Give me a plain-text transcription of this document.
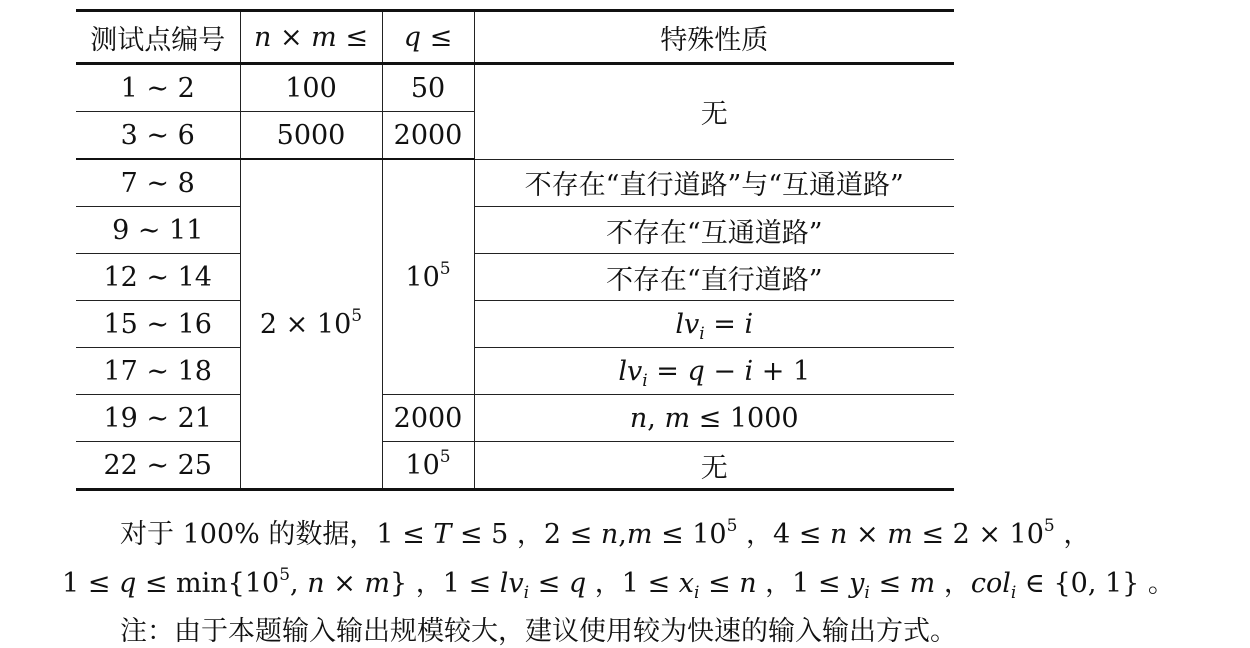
测试点编号	n × m ≤	q ≤	特殊性质
1 ∼ 2	100	50	无
3 ∼ 6	5000	2000	
7 ∼ 8	$2 \times 10^5$	$10^5$	不存在“直行道路”与“互通道路”
9 ∼ 11			不存在“互通道路”
12 ∼ 14			不存在“直行道路”
15 ∼ 16			$lv_i = i$
17 ∼ 18			$lv_i = q - i + 1$
19 ∼ 21		2000	n, m ≤ 1000
22 ∼ 25		$10^5$	无
对于 100% 的数据，1 ≤ T ≤ 5 ，$2 \le n,m \le 10^5$ ，$4 \le n \times m \le 2 \times 10^5$ ，
$1 \le q \le \min\{10^5$, n × m} ，$1 \le lv_i \le q$ ，$1 \le x_i \le n$ ，$1 \le y_i \le m$ ，col$_i$ ∈ {0, 1} 。
注：由于本题输入输出规模较大，建议使用较为快速的输入输出方式。
